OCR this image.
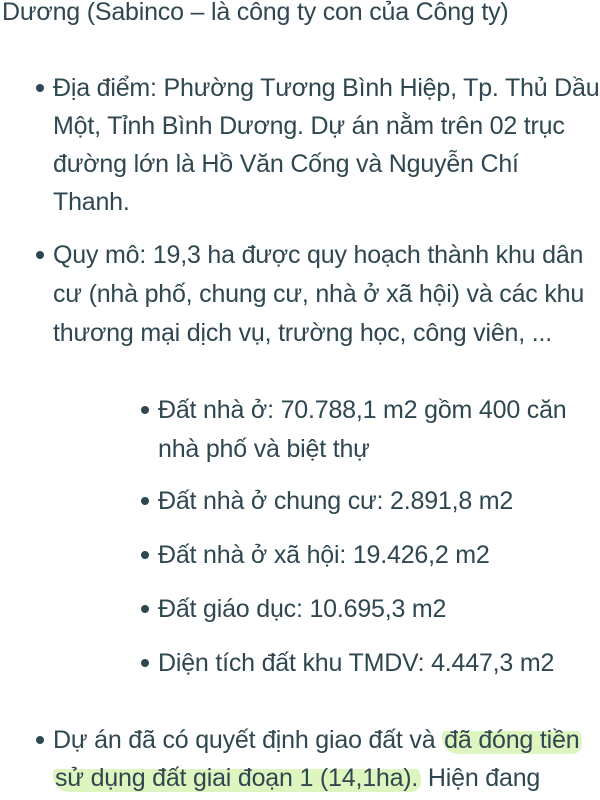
Dương (Sabinco – là công ty con của Công ty)
Địa điểm: Phường Tương Bình Hiệp, Tp. Thủ Dầu
Một, Tỉnh Bình Dương. Dự án nằm trên 02 trục
đường lớn là Hồ Văn Cống và Nguyễn Chí
Thanh.
Quy mô: 19,3 ha được quy hoạch thành khu dân
cư (nhà phố, chung cư, nhà ở xã hội) và các khu
thương mại dịch vụ, trường học, công viên, ...
Đất nhà ở: 70.788,1 m2 gồm 400 căn
nhà phố và biệt thự
Đất nhà ở chung cư: 2.891,8 m2
Đất nhà ở xã hội: 19.426,2 m2
Đất giáo dục: 10.695,3 m2
Diện tích đất khu TMDV: 4.447,3 m2
Dự án đã có quyết định giao đất và đã đóng tiền
sử dụng đất giai đoạn 1 (14,1ha). Hiện đang
